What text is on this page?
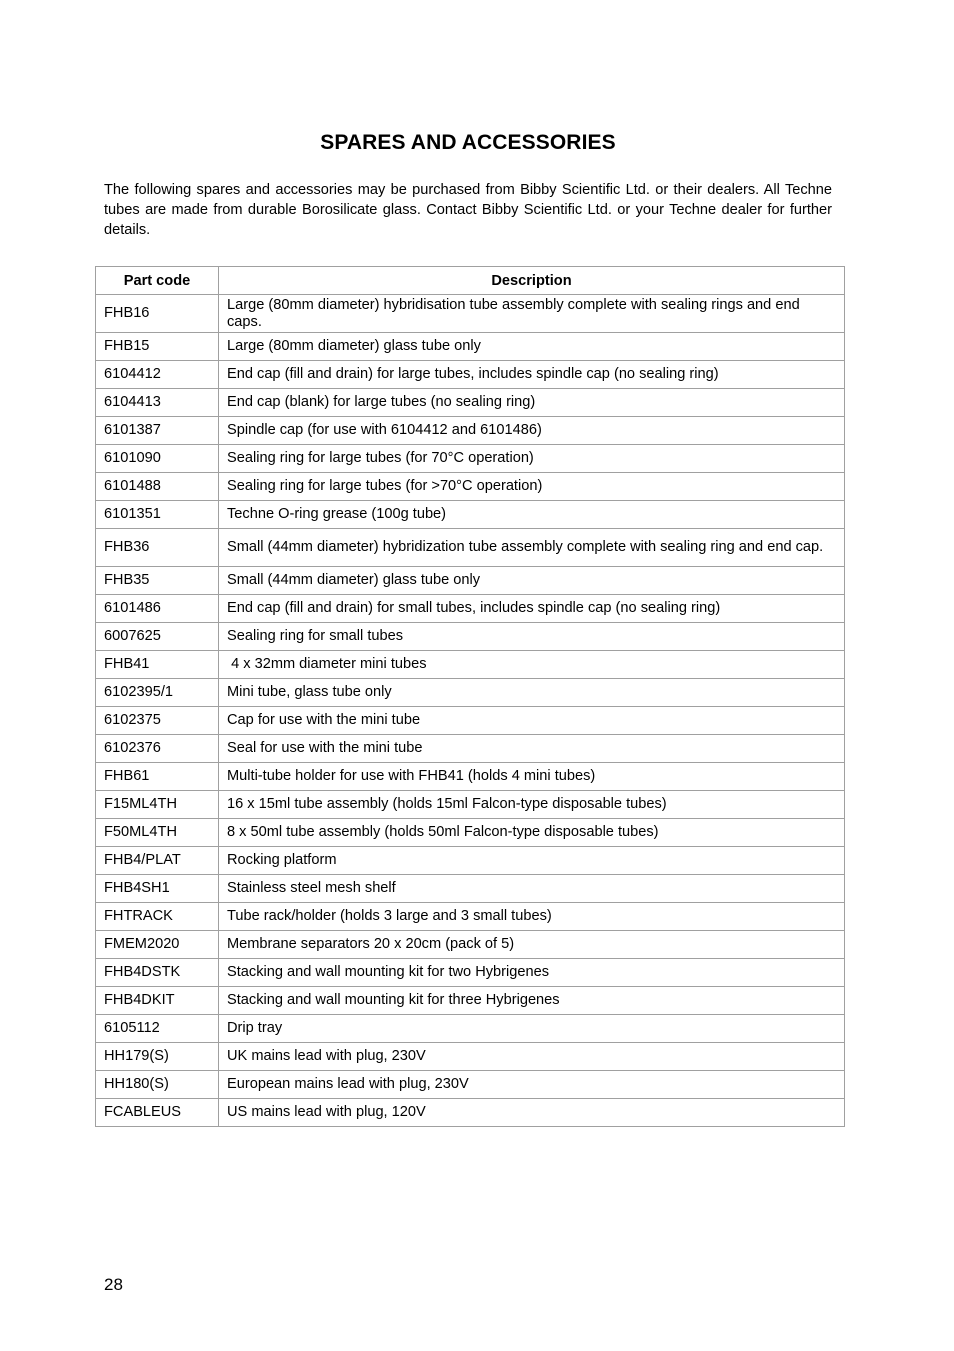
SPARES AND ACCESSORIES
The following spares and accessories may be purchased from Bibby Scientific Ltd. or their dealers. All Techne tubes are made from durable Borosilicate glass. Contact Bibby Scientific Ltd. or your Techne dealer for further details.
Part code	Description
FHB16	Large (80mm diameter) hybridisation tube assembly complete with sealing rings and end caps.
FHB15	Large (80mm diameter) glass tube only
6104412	End cap (fill and drain) for large tubes, includes spindle cap (no sealing ring)
6104413	End cap (blank) for large tubes (no sealing ring)
6101387	Spindle cap (for use with 6104412 and 6101486)
6101090	Sealing ring for large tubes (for 70°C operation)
6101488	Sealing ring for large tubes (for >70°C operation)
6101351	Techne O-ring grease (100g tube)
FHB36	Small (44mm diameter) hybridization tube assembly complete with sealing ring and end cap.
FHB35	Small (44mm diameter) glass tube only
6101486	End cap (fill and drain) for small tubes, includes spindle cap (no sealing ring)
6007625	Sealing ring for small tubes
FHB41	4 x 32mm diameter mini tubes
6102395/1	Mini tube, glass tube only
6102375	Cap for use with the mini tube
6102376	Seal for use with the mini tube
FHB61	Multi-tube holder for use with FHB41 (holds 4 mini tubes)
F15ML4TH	16 x 15ml tube assembly (holds 15ml Falcon-type disposable tubes)
F50ML4TH	8 x 50ml tube assembly (holds 50ml Falcon-type disposable tubes)
FHB4/PLAT	Rocking platform
FHB4SH1	Stainless steel mesh shelf
FHTRACK	Tube rack/holder (holds 3 large and 3 small tubes)
FMEM2020	Membrane separators 20 x 20cm (pack of 5)
FHB4DSTK	Stacking and wall mounting kit for two Hybrigenes
FHB4DKIT	Stacking and wall mounting kit for three Hybrigenes
6105112	Drip tray
HH179(S)	UK mains lead with plug, 230V
HH180(S)	European mains lead with plug, 230V
FCABLEUS	US mains lead with plug, 120V
28
